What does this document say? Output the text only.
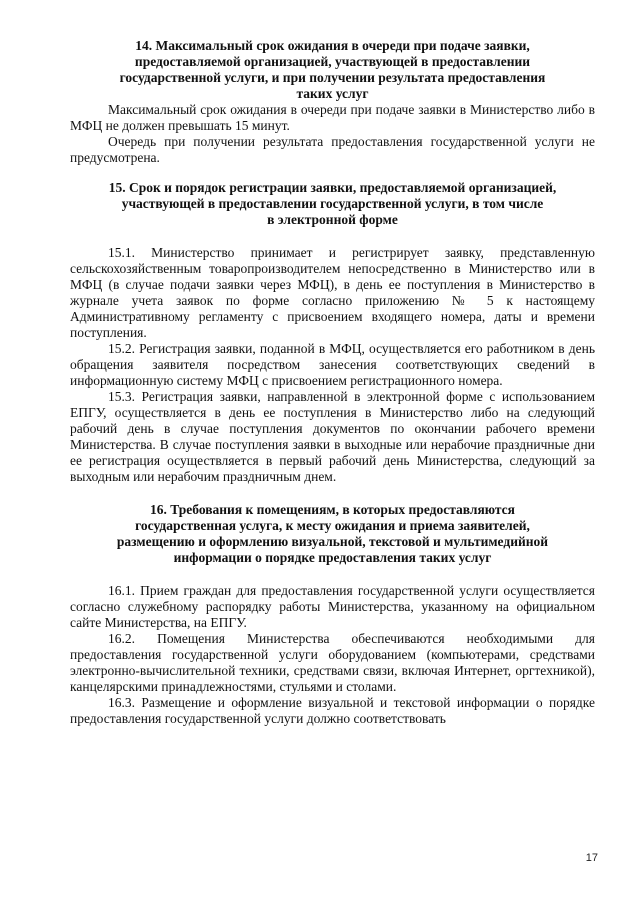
14. Максимальный срок ожидания в очереди при подаче заявки,
предоставляемой организацией, участвующей в предоставлении
государственной услуги, и при получении результата предоставления
таких услуг

Максимальный срок ожидания в очереди при подаче заявки в Министерство либо в МФЦ не должен превышать 15 минут.

Очередь при получении результата предоставления государственной услуги не предусмотрена.

15. Срок и порядок регистрации заявки, предоставляемой организацией,
участвующей в предоставлении государственной услуги, в том числе
в электронной форме

15.1. Министерство принимает и регистрирует заявку, представленную сельскохозяйственным товаропроизводителем непосредственно в Министерство или в МФЦ (в случае подачи заявки через МФЦ), в день ее поступления в Министерство в журнале учета заявок по форме согласно приложению № 5 к настоящему Административному регламенту с присвоением входящего номера, даты и времени поступления.

15.2. Регистрация заявки, поданной в МФЦ, осуществляется его работником в день обращения заявителя посредством занесения соответствующих сведений в информационную систему МФЦ с присвоением регистрационного номера.

15.3. Регистрация заявки, направленной в электронной форме с использованием ЕПГУ, осуществляется в день ее поступления в Министерство либо на следующий рабочий день в случае поступления документов по окончании рабочего времени Министерства. В случае поступления заявки в выходные или нерабочие праздничные дни ее регистрация осуществляется в первый рабочий день Министерства, следующий за выходным или нерабочим праздничным днем.

16. Требования к помещениям, в которых предоставляются
государственная услуга, к месту ожидания и приема заявителей,
размещению и оформлению визуальной, текстовой и мультимедийной
информации о порядке предоставления таких услуг

16.1. Прием граждан для предоставления государственной услуги осуществляется согласно служебному распорядку работы Министерства, указанному на официальном сайте Министерства, на ЕПГУ.

16.2. Помещения Министерства обеспечиваются необходимыми для предоставления государственной услуги оборудованием (компьютерами, средствами электронно-вычислительной техники, средствами связи, включая Интернет, оргтехникой), канцелярскими принадлежностями, стульями и столами.

16.3. Размещение и оформление визуальной и текстовой информации о порядке предоставления государственной услуги должно соответствовать

17
